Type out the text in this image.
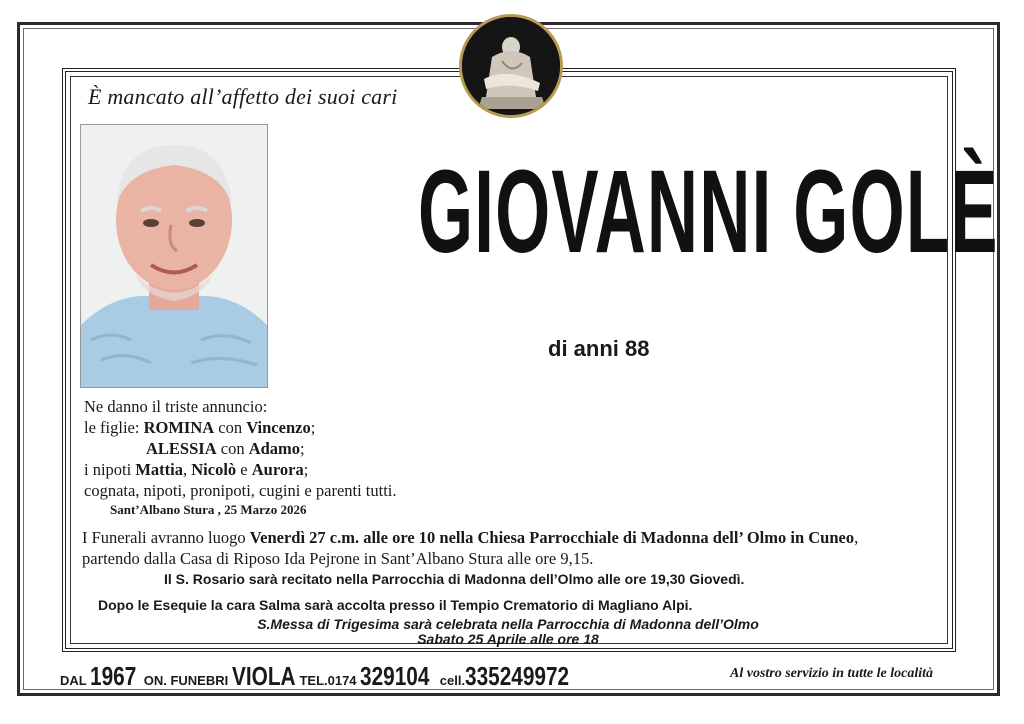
È mancato all’affetto dei suoi cari
GIOVANNI GOLÈ
di anni 88
Ne danno il triste annuncio:
le figlie: ROMINA con Vincenzo;
ALESSIA con Adamo;
i nipoti Mattia, Nicolò e Aurora;
cognata, nipoti, pronipoti, cugini e parenti tutti.
Sant’Albano Stura , 25 Marzo 2026
I Funerali avranno luogo Venerdì 27 c.m. alle ore 10 nella Chiesa Parrocchiale di Madonna dell’ Olmo in Cuneo,
partendo dalla Casa di Riposo Ida Pejrone in Sant’Albano Stura alle ore 9,15.
Il S. Rosario sarà recitato nella Parrocchia di Madonna dell’Olmo alle ore 19,30 Giovedì.
Dopo le Esequie la cara Salma sarà accolta presso il Tempio Crematorio di Magliano Alpi.
S.Messa di Trigesima sarà celebrata nella Parrocchia di Madonna dell’Olmo
Sabato 25 Aprile alle ore 18
DAL 1967 ON. FUNEBRI VIOLA TEL.0174 329104 cell.335249972	Al vostro servizio in tutte le località
